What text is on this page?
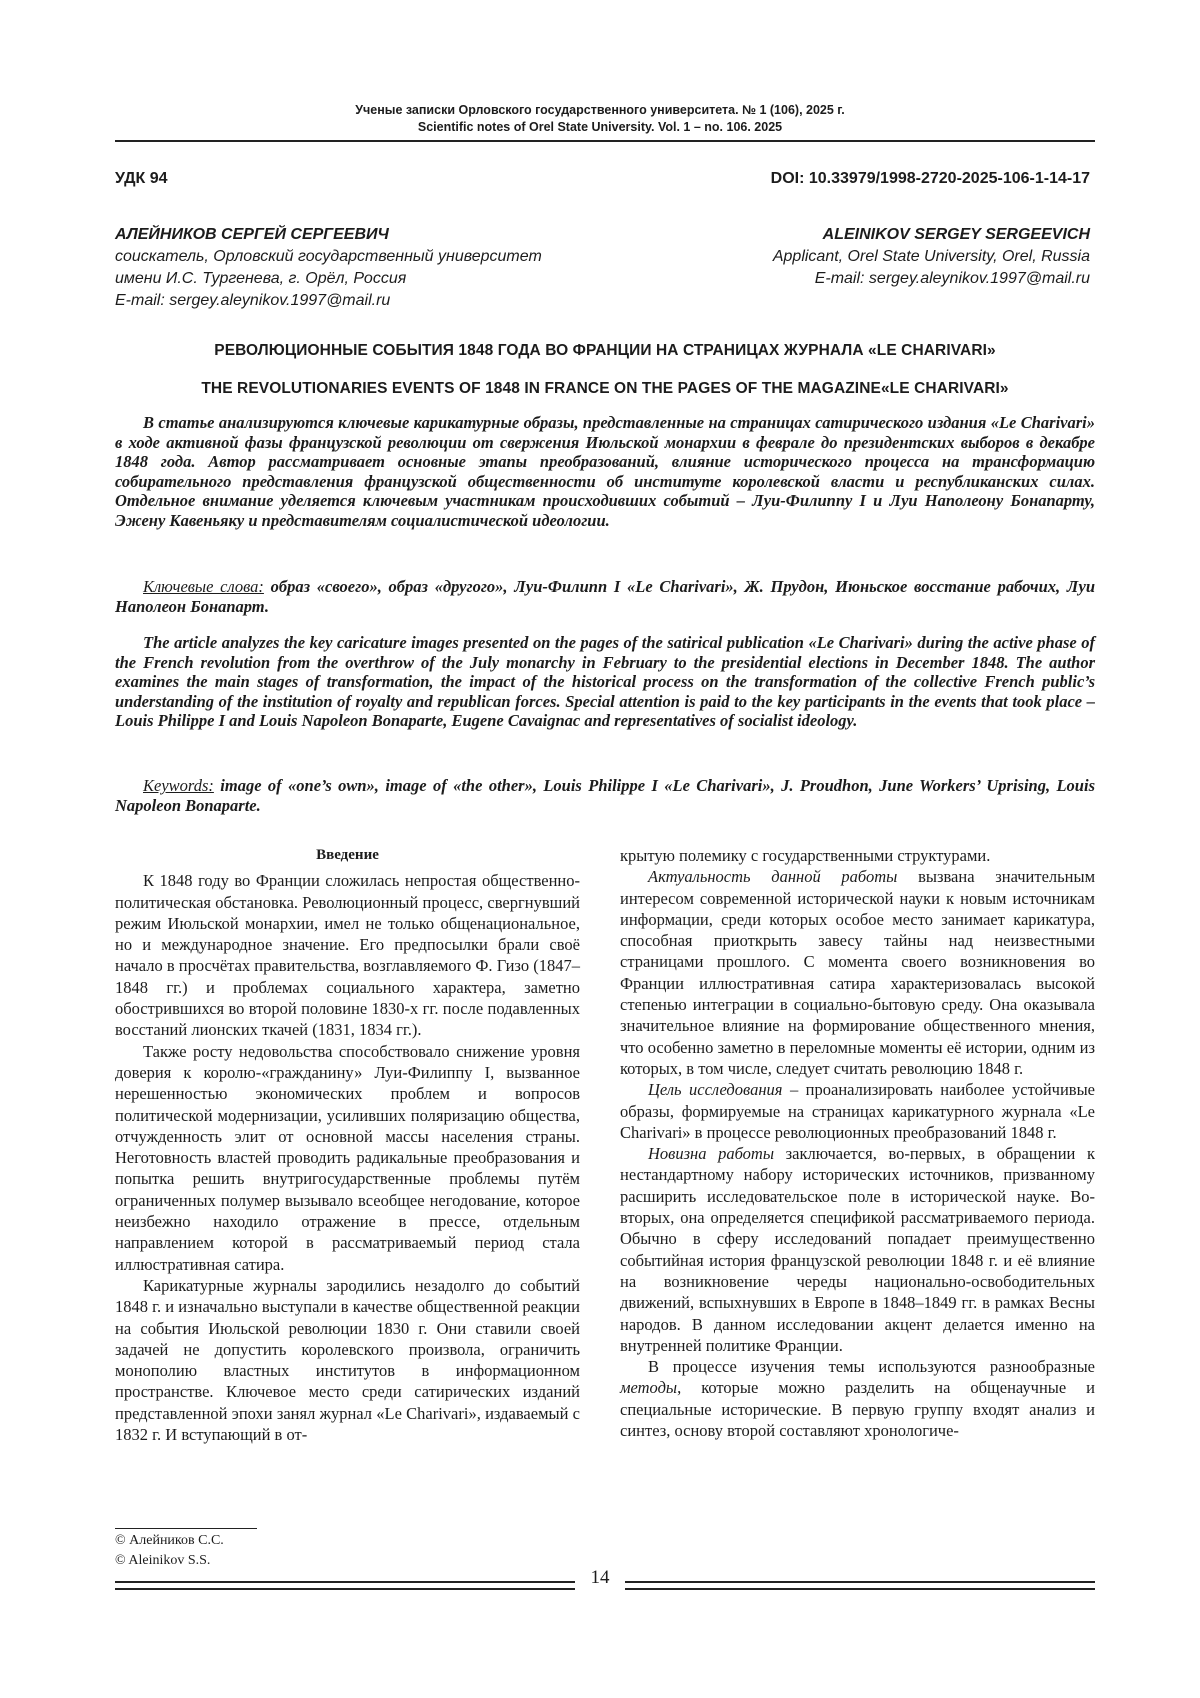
Ученые записки Орловского государственного университета. № 1 (106), 2025 г.
Scientific notes of Orel State University. Vol. 1 – no. 106. 2025
УДК 94	DOI: 10.33979/1998-2720-2025-106-1-14-17
АЛЕЙНИКОВ СЕРГЕЙ СЕРГЕЕВИЧ
соискатель, Орловский государственный университет
имени И.С. Тургенева, г. Орёл, Россия
E-mail: sergey.aleynikov.1997@mail.ru
ALEINIKOV SERGEY SERGEEVICH
Applicant, Orel State University, Orel, Russia
E-mail: sergey.aleynikov.1997@mail.ru
РЕВОЛЮЦИОННЫЕ СОБЫТИЯ 1848 ГОДА ВО ФРАНЦИИ НА СТРАНИЦАХ ЖУРНАЛА «LE CHARIVARI»
THE REVOLUTIONARIES EVENTS OF 1848 IN FRANCE ON THE PAGES OF THE MAGAZINE«LE CHARIVARI»

В статье анализируются ключевые карикатурные образы, представленные на страницах сатирического издания «Le Charivari» в ходе активной фазы французской революции от свержения Июльской монархии в феврале до президентских выборов в декабре 1848 года. Автор рассматривает основные этапы преобразований, влияние исторического процесса на трансформацию собирательного представления французской общественности об институте королевской власти и республиканских силах. Отдельное внимание уделяется ключевым участникам происходивших событий – Луи-Филиппу I и Луи Наполеону Бонапарту, Эжену Кавеньяку и представителям социалистической идеологии.

Ключевые слова: образ «своего», образ «другого», Луи-Филипп I «Le Charivari», Ж. Прудон, Июньское восстание рабочих, Луи Наполеон Бонапарт.

The article analyzes the key caricature images presented on the pages of the satirical publication «Le Charivari» during the active phase of the French revolution from the overthrow of the July monarchy in February to the presidential elections in December 1848. The author examines the main stages of transformation, the impact of the historical process on the transformation of the collective French public’s understanding of the institution of royalty and republican forces. Special attention is paid to the key participants in the events that took place – Louis Philippe I and Louis Napoleon Bonaparte, Eugene Cavaignac and representatives of socialist ideology.

Keywords: image of «one’s own», image of «the other», Louis Philippe I «Le Charivari», J. Proudhon, June Workers’ Uprising, Louis Napoleon Bonaparte.

Введение

К 1848 году во Франции сложилась непростая общественно-политическая обстановка. Революционный процесс, свергнувший режим Июльской монархии, имел не только общенациональное, но и международное значение. Его предпосылки брали своё начало в просчётах правительства, возглавляемого Ф. Гизо (1847–1848 гг.) и проблемах социального характера, заметно обострившихся во второй половине 1830-х гг. после подавленных восстаний лионских ткачей (1831, 1834 гг.).

Также росту недовольства способствовало снижение уровня доверия к королю-«гражданину» Луи-Филиппу I, вызванное нерешенностью экономических проблем и вопросов политической модернизации, усиливших поляризацию общества, отчужденность элит от основной массы населения страны. Неготовность властей проводить радикальные преобразования и попытка решить внутригосударственные проблемы путём ограниченных полумер вызывало всеобщее негодование, которое неизбежно находило отражение в прессе, отдельным направлением которой в рассматриваемый период стала иллюстративная сатира.

Карикатурные журналы зародились незадолго до событий 1848 г. и изначально выступали в качестве общественной реакции на события Июльской революции 1830 г. Они ставили своей задачей не допустить королевского произвола, ограничить монополию властных институтов в информационном пространстве. Ключевое место среди сатирических изданий представленной эпохи занял журнал «Le Charivari», издаваемый с 1832 г. И вступающий в от-

крытую полемику с государственными структурами.

Актуальность данной работы вызвана значительным интересом современной исторической науки к новым источникам информации, среди которых особое место занимает карикатура, способная приоткрыть завесу тайны над неизвестными страницами прошлого. С момента своего возникновения во Франции иллюстративная сатира характеризовалась высокой степенью интеграции в социально-бытовую среду. Она оказывала значительное влияние на формирование общественного мнения, что особенно заметно в переломные моменты её истории, одним из которых, в том числе, следует считать революцию 1848 г.

Цель исследования – проанализировать наиболее устойчивые образы, формируемые на страницах карикатурного журнала «Le Charivari» в процессе революционных преобразований 1848 г.

Новизна работы заключается, во-первых, в обращении к нестандартному набору исторических источников, призванному расширить исследовательское поле в исторической науке. Во-вторых, она определяется спецификой рассматриваемого периода. Обычно в сферу исследований попадает преимущественно событийная история французской революции 1848 г. и её влияние на возникновение череды национально-освободительных движений, вспыхнувших в Европе в 1848–1849 гг. в рамках Весны народов. В данном исследовании акцент делается именно на внутренней политике Франции.

В процессе изучения темы используются разнообразные методы, которые можно разделить на общенаучные и специальные исторические. В первую группу входят анализ и синтез, основу второй составляют хронологиче-

© Алейников С.С.
© Aleinikov S.S.
14
